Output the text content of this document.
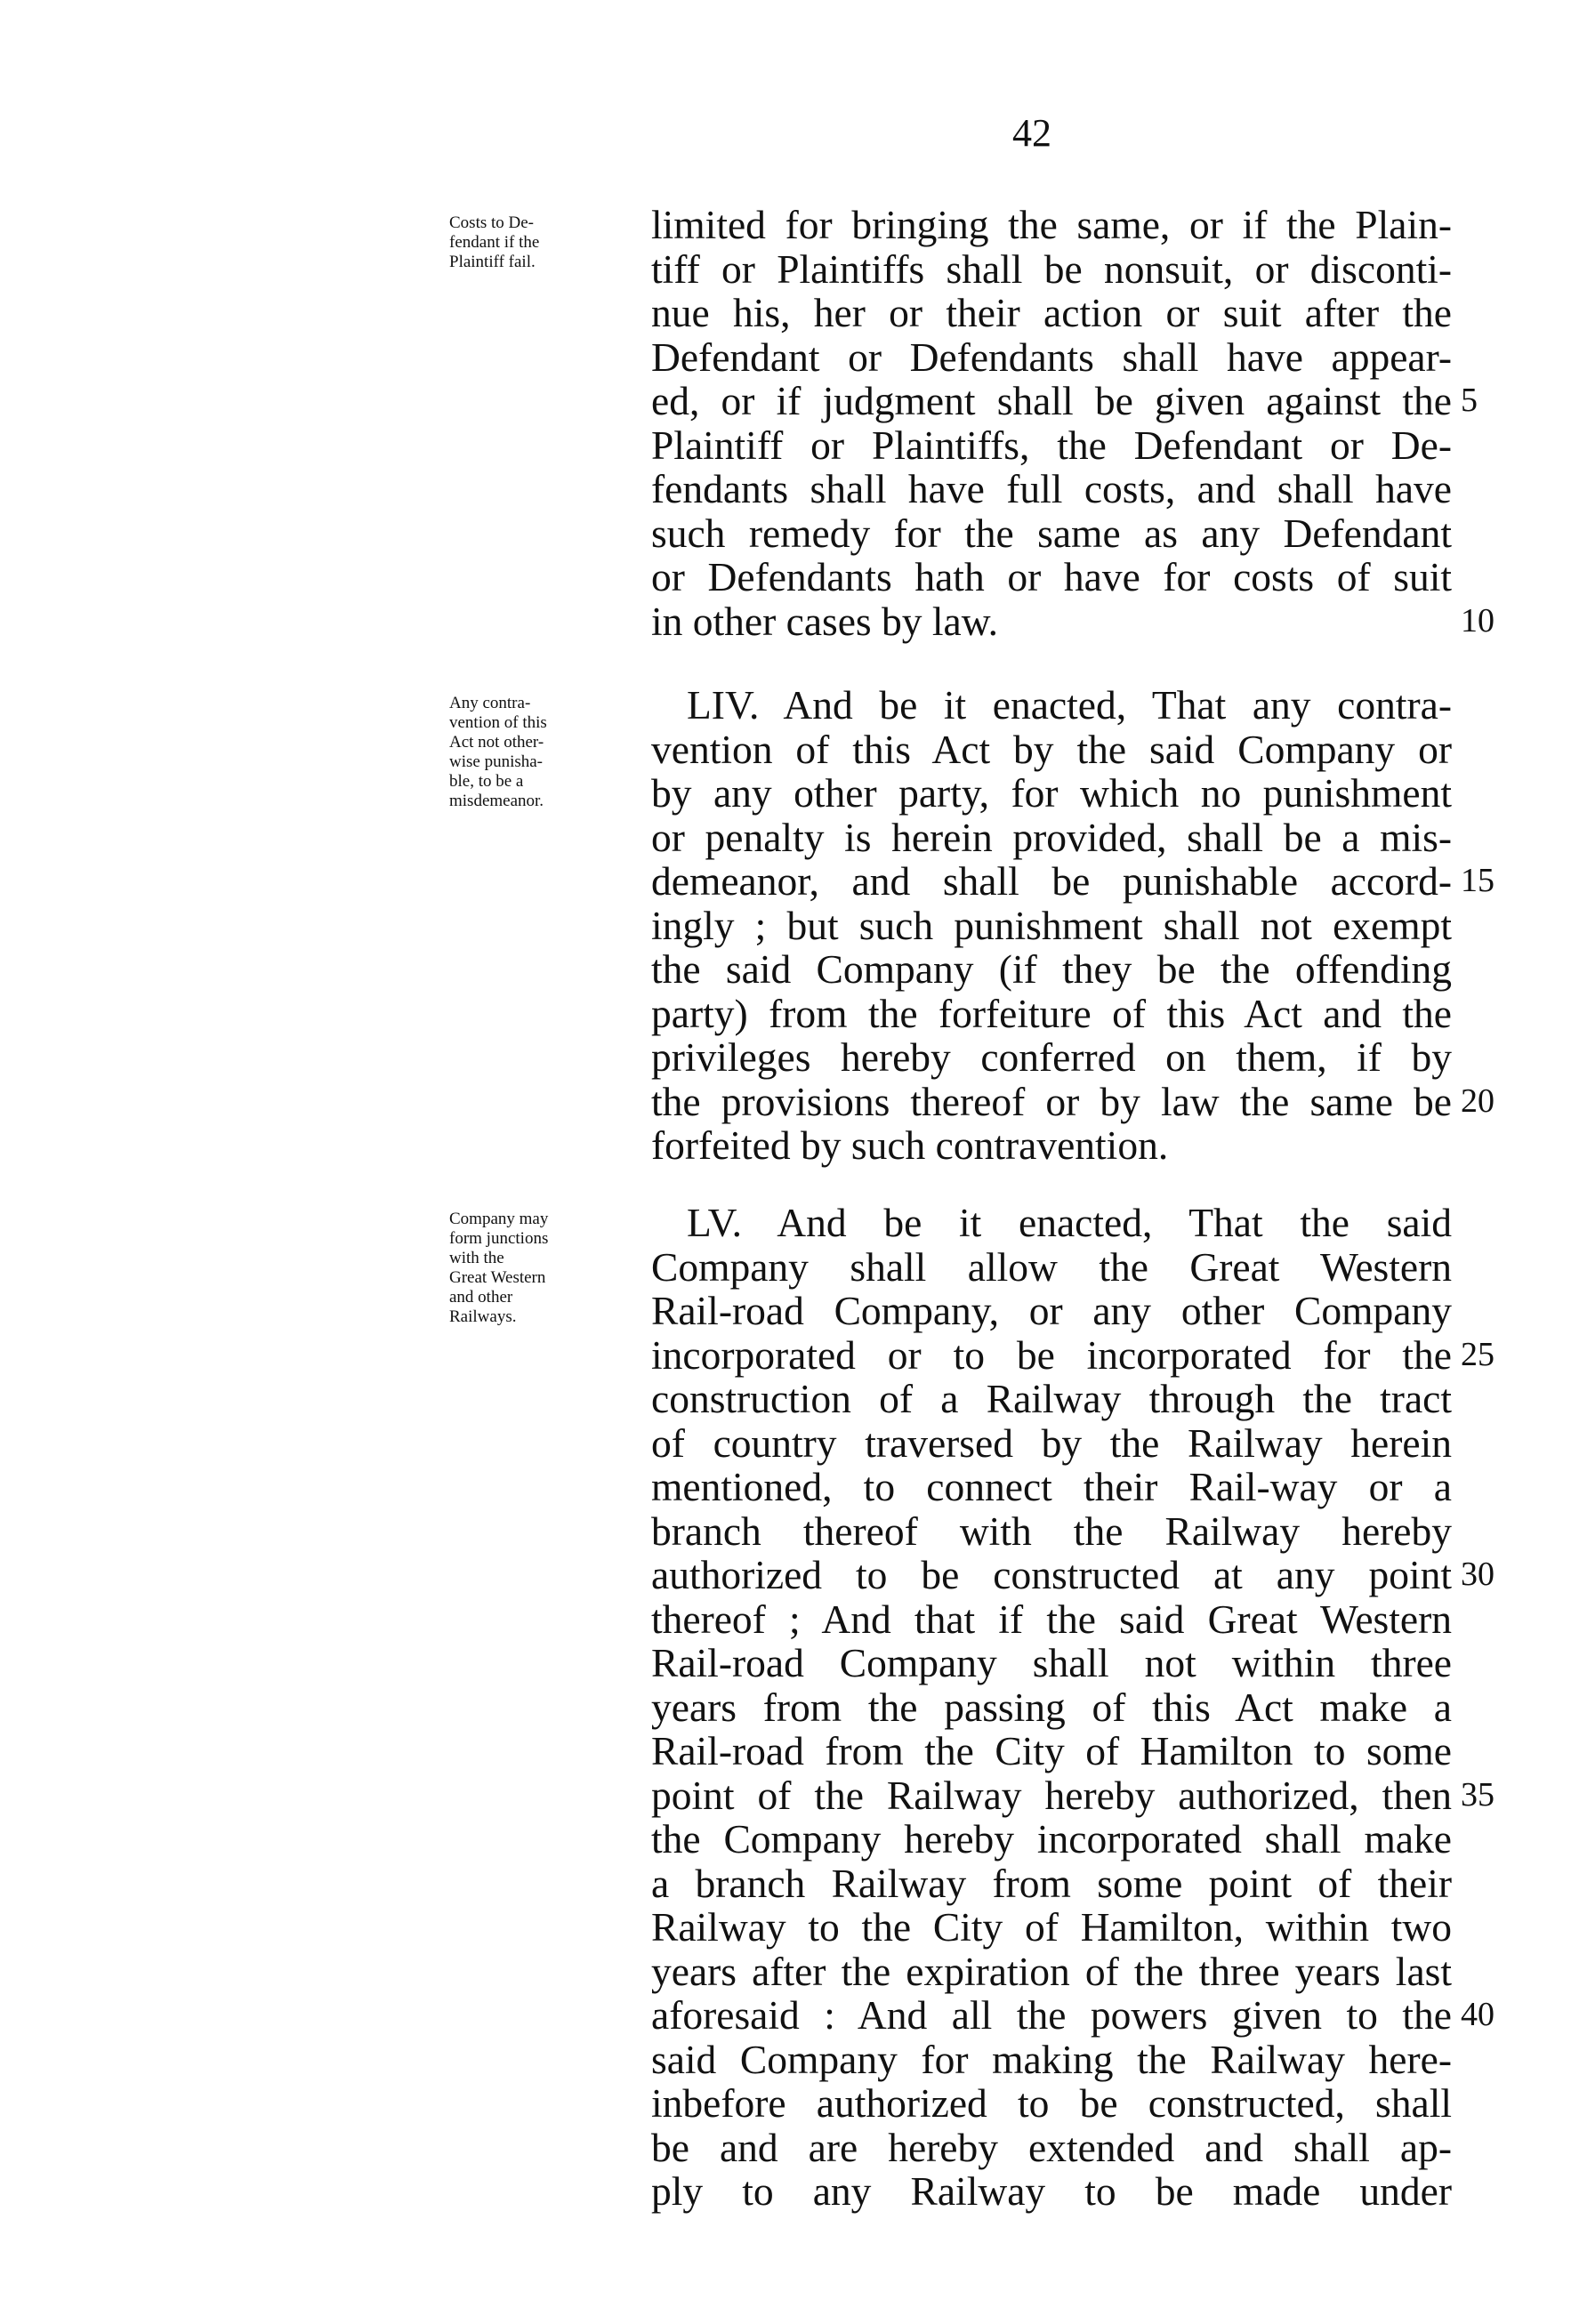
42
Costs to De-
fendant if the
Plaintiff fail.
limited for bringing the same, or if the Plain-
tiff or Plaintiffs shall be nonsuit, or disconti-
nue his, her or their action or suit after the
Defendant or Defendants shall have appear-
ed, or if judgment shall be given against the
Plaintiff or Plaintiffs, the Defendant or De-
fendants shall have full costs, and shall have
such remedy for the same as any Defendant
or Defendants hath or have for costs of suit
in other cases by law.
5
10
Any contra-
vention of this
Act not other-
wise punisha-
ble, to be a
misdemeanor.
LIV. And be it enacted, That any contra-
vention of this Act by the said Company or
by any other party, for which no punishment
or penalty is herein provided, shall be a mis-
demeanor, and shall be punishable accord-
ingly ; but such punishment shall not exempt
the said Company (if they be the offending
party) from the forfeiture of this Act and the
privileges hereby conferred on them, if by
the provisions thereof or by law the same be
forfeited by such contravention.
15
20
Company may
form junctions
with the
Great Western
and other
Railways.
LV. And be it enacted, That the said
Company shall allow the Great Western
Rail-road Company, or any other Company
incorporated or to be incorporated for the
construction of a Railway through the tract
of country traversed by the Railway herein
mentioned, to connect their Rail-way or a
branch thereof with the Railway hereby
authorized to be constructed at any point
thereof ; And that if the said Great Western
Rail-road Company shall not within three
years from the passing of this Act make a
Rail-road from the City of Hamilton to some
point of the Railway hereby authorized, then
the Company hereby incorporated shall make
a branch Railway from some point of their
Railway to the City of Hamilton, within two
years after the expiration of the three years last
aforesaid : And all the powers given to the
said Company for making the Railway here-
inbefore authorized to be constructed, shall
be and are hereby extended and shall ap-
ply to any Railway to be made under
25
30
35
40
